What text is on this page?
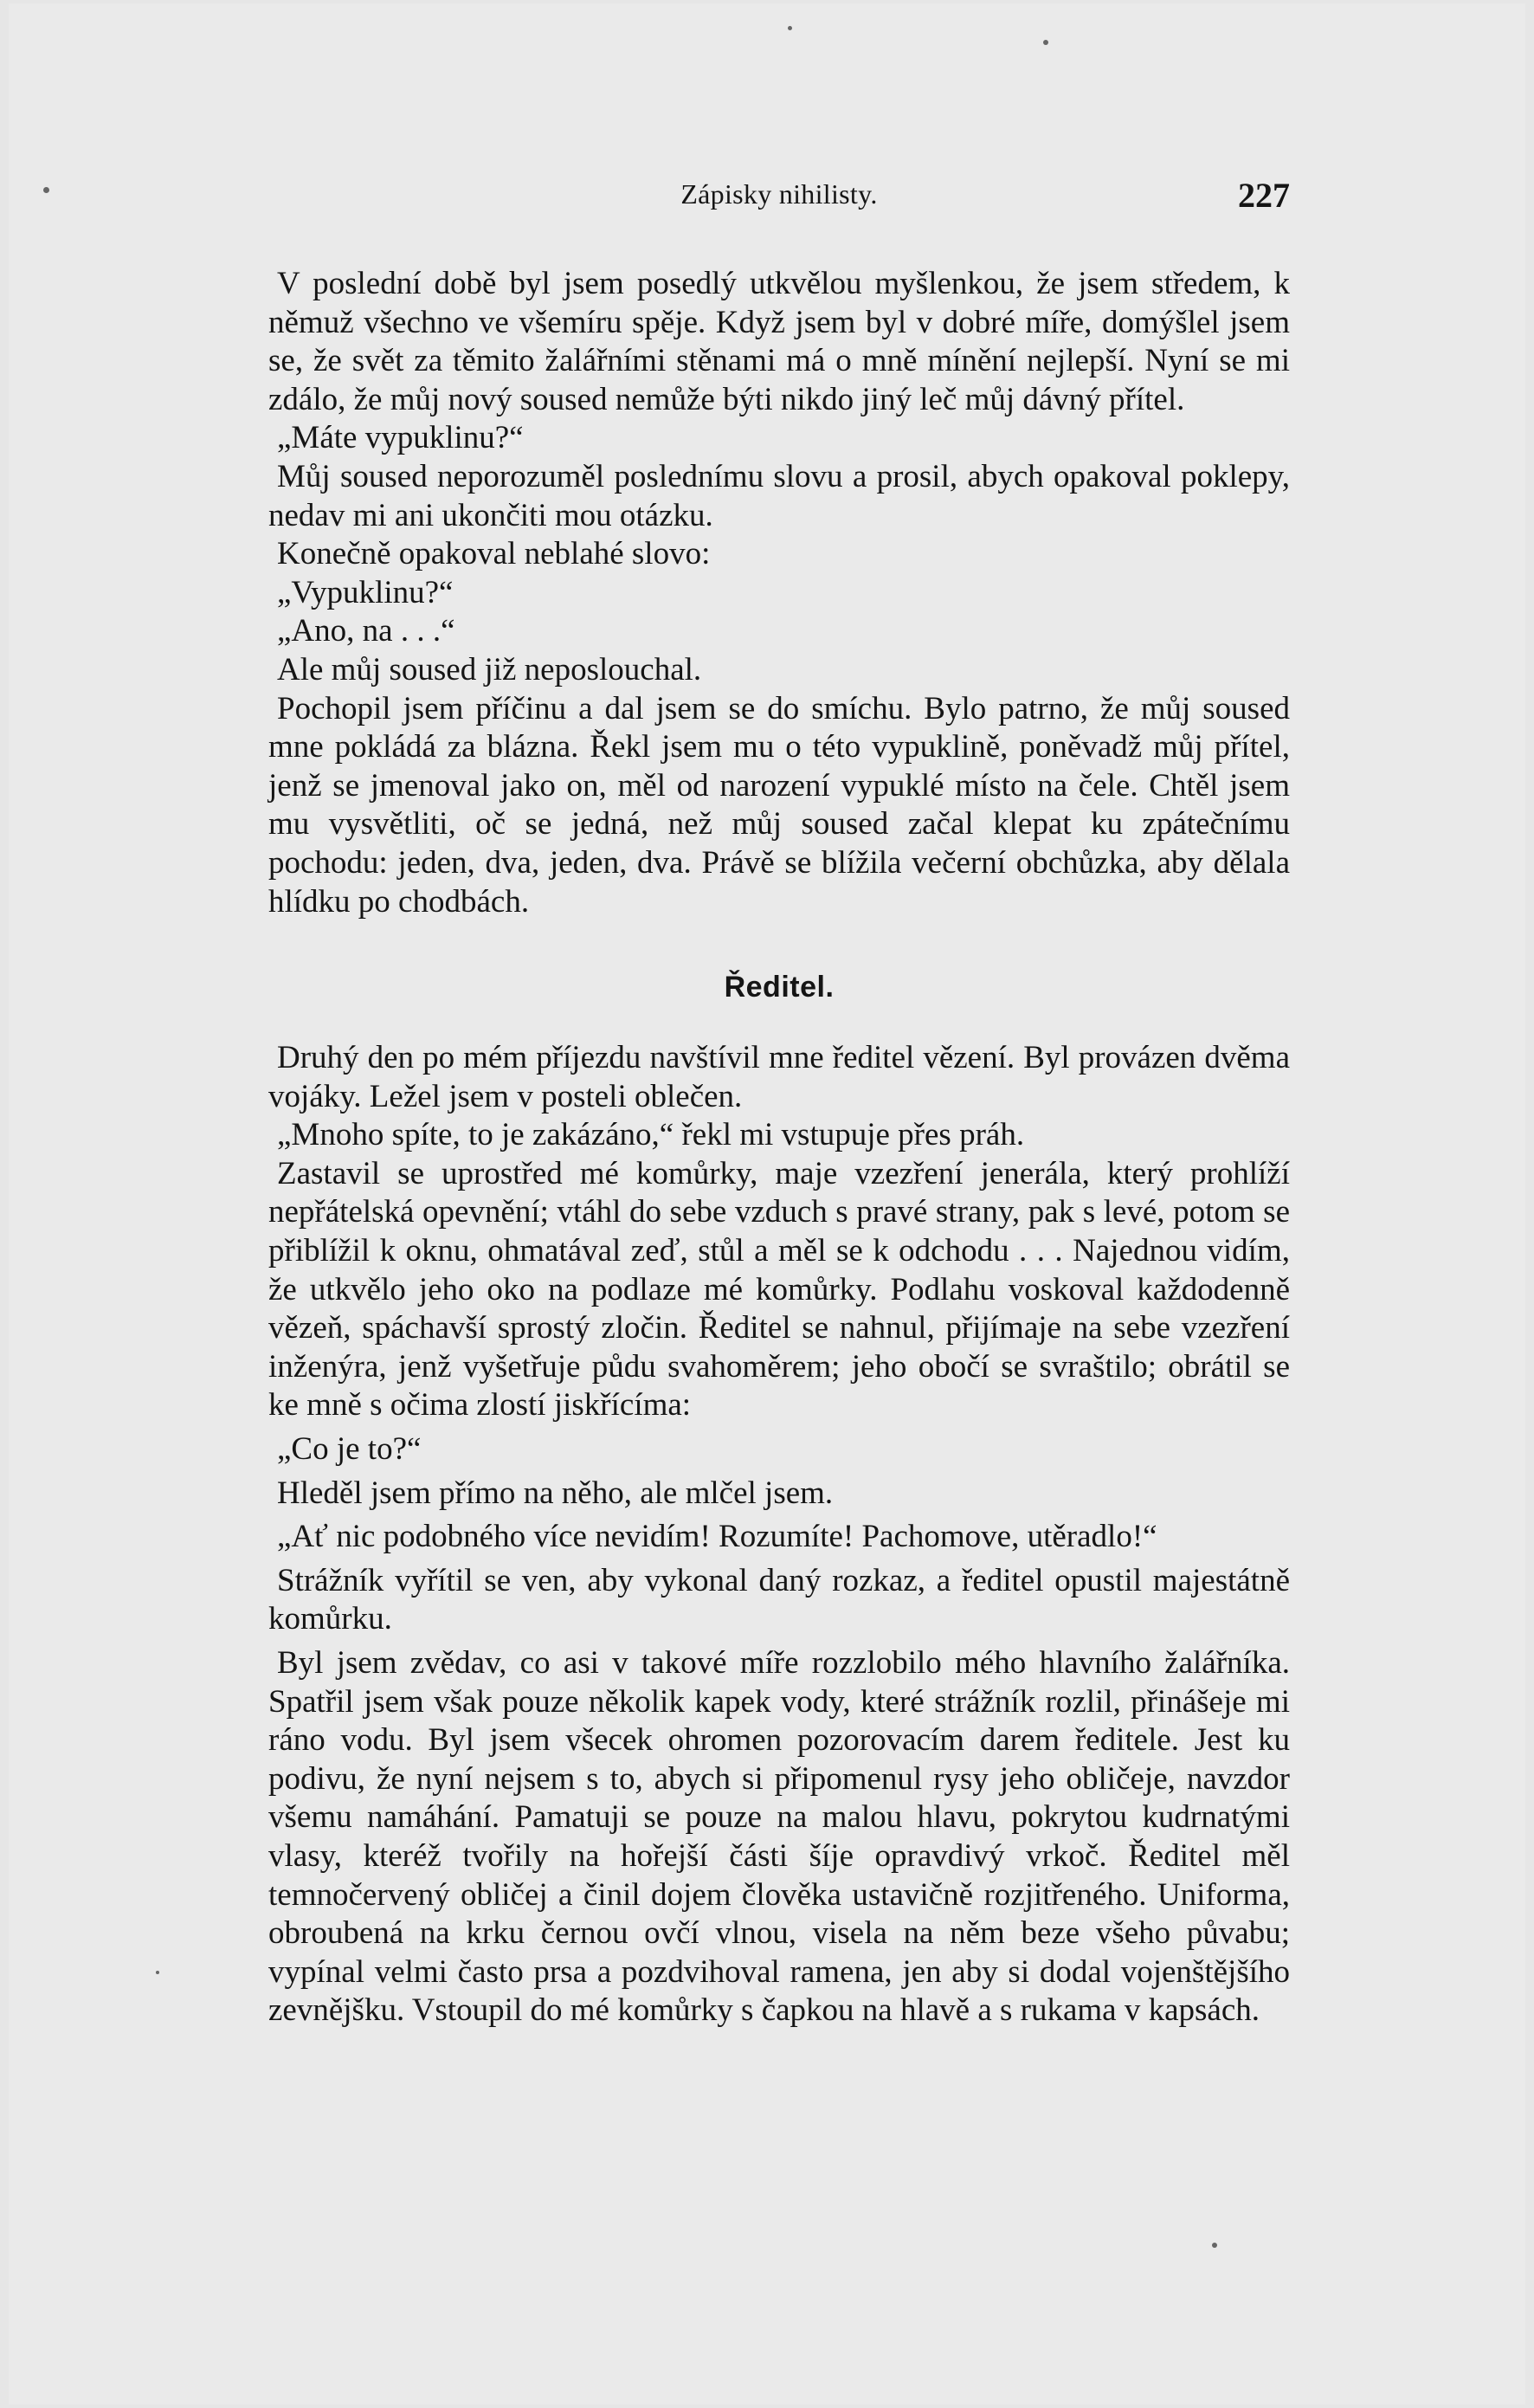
Zápisky nihilisty.	227

V poslední době byl jsem posedlý utkvělou myšlenkou, že jsem středem, k němuž všechno ve všemíru spěje. Když jsem byl v dobré míře, domýšlel jsem se, že svět za těmito žalářními stěnami má o mně mínění nejlepší. Nyní se mi zdálo, že můj nový soused nemůže býti nikdo jiný leč můj dávný přítel.

„Máte vypuklinu?“

Můj soused neporozuměl poslednímu slovu a prosil, abych opakoval poklepy, nedav mi ani ukončiti mou otázku.

Konečně opakoval neblahé slovo:

„Vypuklinu?“

„Ano, na . . .“

Ale můj soused již neposlouchal.

Pochopil jsem příčinu a dal jsem se do smíchu. Bylo patrno, že můj soused mne pokládá za blázna. Řekl jsem mu o této vypuklině, poněvadž můj přítel, jenž se jmenoval jako on, měl od narození vypuklé místo na čele. Chtěl jsem mu vysvětliti, oč se jedná, než můj soused začal klepat ku zpátečnímu pochodu: jeden, dva, jeden, dva. Právě se blížila večerní obchůzka, aby dělala hlídku po chodbách.

Ředitel.

Druhý den po mém příjezdu navštívil mne ředitel vězení. Byl provázen dvěma vojáky. Ležel jsem v posteli oblečen.

„Mnoho spíte, to je zakázáno,“ řekl mi vstupuje přes práh.

Zastavil se uprostřed mé komůrky, maje vzezření jenerála, který prohlíží nepřátelská opevnění; vtáhl do sebe vzduch s pravé strany, pak s levé, potom se přiblížil k oknu, ohmatával zeď, stůl a měl se k odchodu . . . Najednou vidím, že utkvělo jeho oko na podlaze mé komůrky. Podlahu voskoval každodenně vězeň, spáchavší sprostý zločin. Ředitel se nahnul, přijímaje na sebe vzezření inženýra, jenž vyšetřuje půdu svahoměrem; jeho obočí se svraštilo; obrátil se ke mně s očima zlostí jiskřícíma:

„Co je to?“

Hleděl jsem přímo na něho, ale mlčel jsem.

„Ať nic podobného více nevidím! Rozumíte! Pachomove, utěradlo!“

Strážník vyřítil se ven, aby vykonal daný rozkaz, a ředitel opustil majestátně komůrku.

Byl jsem zvědav, co asi v takové míře rozzlobilo mého hlavního žalářníka. Spatřil jsem však pouze několik kapek vody, které strážník rozlil, přinášeje mi ráno vodu. Byl jsem všecek ohromen pozorovacím darem ředitele. Jest ku podivu, že nyní nejsem s to, abych si připomenul rysy jeho obličeje, navzdor všemu namáhání. Pamatuji se pouze na malou hlavu, pokrytou kudrnatými vlasy, kteréž tvořily na hořejší části šíje opravdivý vrkoč. Ředitel měl temnočervený obličej a činil dojem člověka ustavičně rozjitřeného. Uniforma, obroubená na krku černou ovčí vlnou, visela na něm beze všeho půvabu; vypínal velmi často prsa a pozdvihoval ramena, jen aby si dodal vojenštějšího zevnějšku. Vstoupil do mé komůrky s čapkou na hlavě a s rukama v kapsách.
